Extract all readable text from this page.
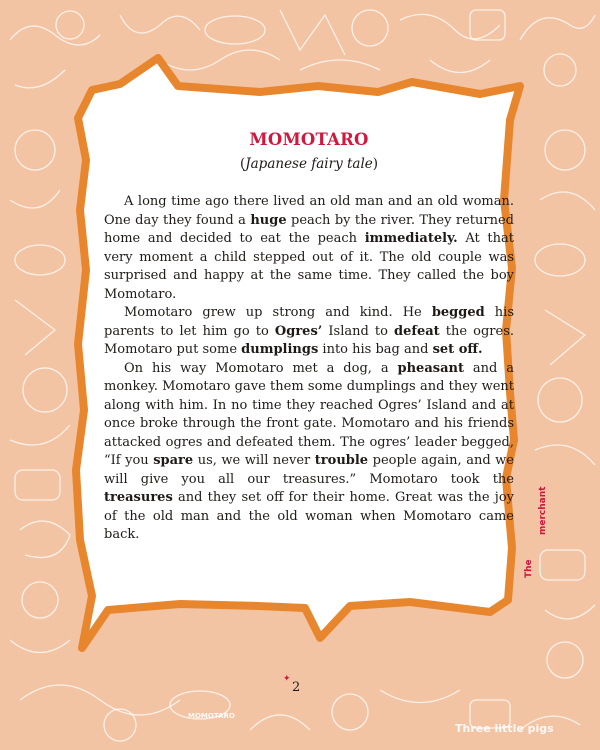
MOMOTARO
(Japanese fairy tale)

A long time ago there lived an old man and an old woman. One day they found a huge peach by the river. They returned home and decided to eat the peach immediately. At that very moment a child stepped out of it. The old couple was surprised and happy at the same time. They called the boy Momotaro.

Momotaro grew up strong and kind. He begged his parents to let him go to Ogres’ Island to defeat the ogres. Momotaro put some dumplings into his bag and set off.

On his way Momotaro met a dog, a pheasant and a monkey. Momotaro gave them some dumplings and they went along with him. In no time they reached Ogres’ Island and at once broke through the front gate. Momotaro and his friends attacked ogres and defeated them. The ogres’ leader begged, “If you spare us, we will never trouble people again, and we will give you all our treasures.” Momotaro took the treasures and they set off for their home. Great was the joy of the old man and the old woman when Momotaro came back.

✦
2
Three little pigs
The
merchant
MOMOTARO
